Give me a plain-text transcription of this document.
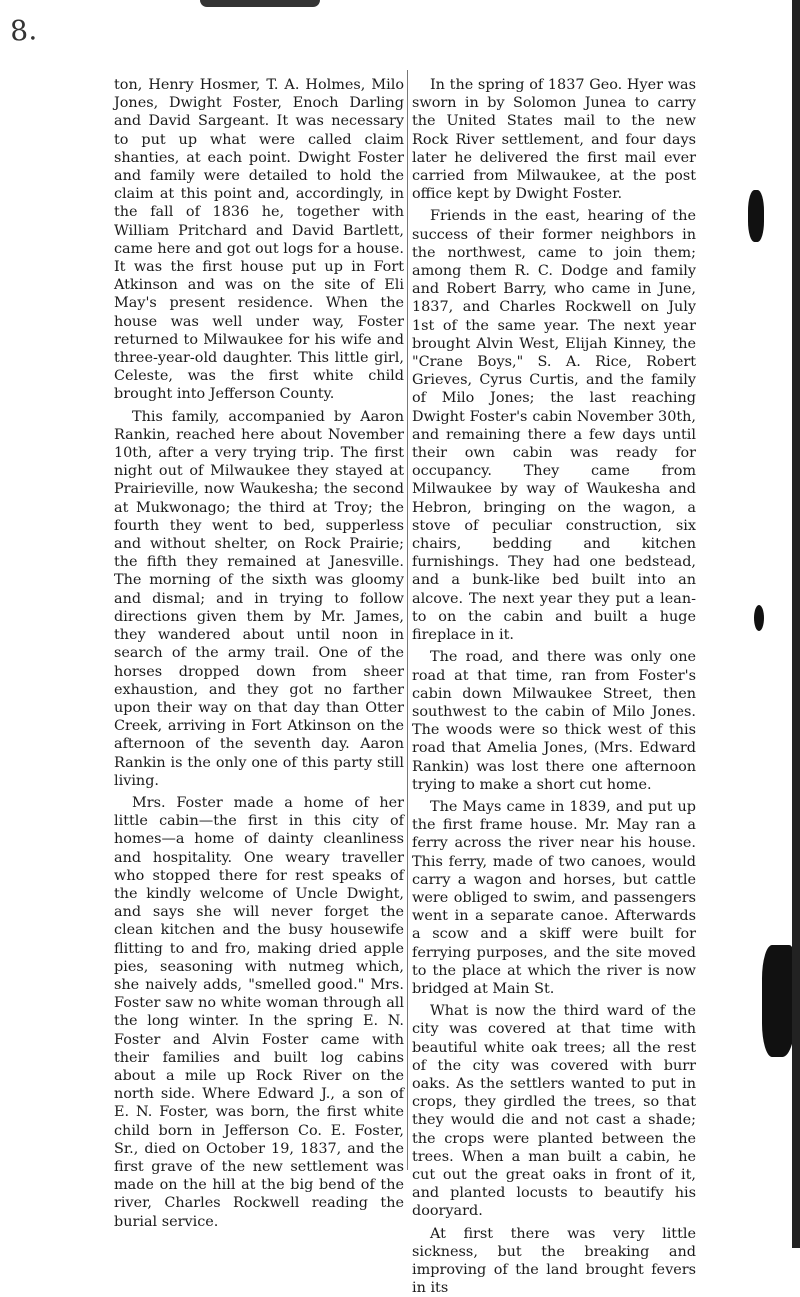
8.

ton, Henry Hosmer, T. A. Holmes, Milo Jones, Dwight Foster, Enoch Darling and David Sargeant. It was necessary to put up what were called claim shanties, at each point. Dwight Foster and family were detailed to hold the claim at this point and, accordingly, in the fall of 1836 he, together with William Pritchard and David Bartlett, came here and got out logs for a house. It was the first house put up in Fort Atkinson and was on the site of Eli May's present residence. When the house was well under way, Foster returned to Milwaukee for his wife and three-year-old daughter. This little girl, Celeste, was the first white child brought into Jefferson County.

This family, accompanied by Aaron Rankin, reached here about November 10th, after a very trying trip. The first night out of Milwaukee they stayed at Prairieville, now Waukesha; the second at Mukwonago; the third at Troy; the fourth they went to bed, supperless and without shelter, on Rock Prairie; the fifth they remained at Janesville. The morning of the sixth was gloomy and dismal; and in trying to follow directions given them by Mr. James, they wandered about until noon in search of the army trail. One of the horses dropped down from sheer exhaustion, and they got no farther upon their way on that day than Otter Creek, arriving in Fort Atkinson on the afternoon of the seventh day. Aaron Rankin is the only one of this party still living.

Mrs. Foster made a home of her little cabin—the first in this city of homes—a home of dainty cleanliness and hospitality. One weary traveller who stopped there for rest speaks of the kindly welcome of Uncle Dwight, and says she will never forget the clean kitchen and the busy housewife flitting to and fro, making dried apple pies, seasoning with nutmeg which, she naively adds, "smelled good." Mrs. Foster saw no white woman through all the long winter. In the spring E. N. Foster and Alvin Foster came with their families and built log cabins about a mile up Rock River on the north side. Where Edward J., a son of E. N. Foster, was born, the first white child born in Jefferson Co. E. Foster, Sr., died on October 19, 1837, and the first grave of the new settlement was made on the hill at the big bend of the river, Charles Rockwell reading the burial service.

In the spring of 1837 Geo. Hyer was sworn in by Solomon Junea to carry the United States mail to the new Rock River settlement, and four days later he delivered the first mail ever carried from Milwaukee, at the post office kept by Dwight Foster.

Friends in the east, hearing of the success of their former neighbors in the northwest, came to join them; among them R. C. Dodge and family and Robert Barry, who came in June, 1837, and Charles Rockwell on July 1st of the same year. The next year brought Alvin West, Elijah Kinney, the "Crane Boys," S. A. Rice, Robert Grieves, Cyrus Curtis, and the family of Milo Jones; the last reaching Dwight Foster's cabin November 30th, and remaining there a few days until their own cabin was ready for occupancy. They came from Milwaukee by way of Waukesha and Hebron, bringing on the wagon, a stove of peculiar construction, six chairs, bedding and kitchen furnishings. They had one bedstead, and a bunk-like bed built into an alcove. The next year they put a lean-to on the cabin and built a huge fireplace in it.

The road, and there was only one road at that time, ran from Foster's cabin down Milwaukee Street, then southwest to the cabin of Milo Jones. The woods were so thick west of this road that Amelia Jones, (Mrs. Edward Rankin) was lost there one afternoon trying to make a short cut home.

The Mays came in 1839, and put up the first frame house. Mr. May ran a ferry across the river near his house. This ferry, made of two canoes, would carry a wagon and horses, but cattle were obliged to swim, and passengers went in a separate canoe. Afterwards a scow and a skiff were built for ferrying purposes, and the site moved to the place at which the river is now bridged at Main St.

What is now the third ward of the city was covered at that time with beautiful white oak trees; all the rest of the city was covered with burr oaks. As the settlers wanted to put in crops, they girdled the trees, so that they would die and not cast a shade; the crops were planted between the trees. When a man built a cabin, he cut out the great oaks in front of it, and planted locusts to beautify his dooryard.

At first there was very little sickness, but the breaking and improving of the land brought fevers in its
